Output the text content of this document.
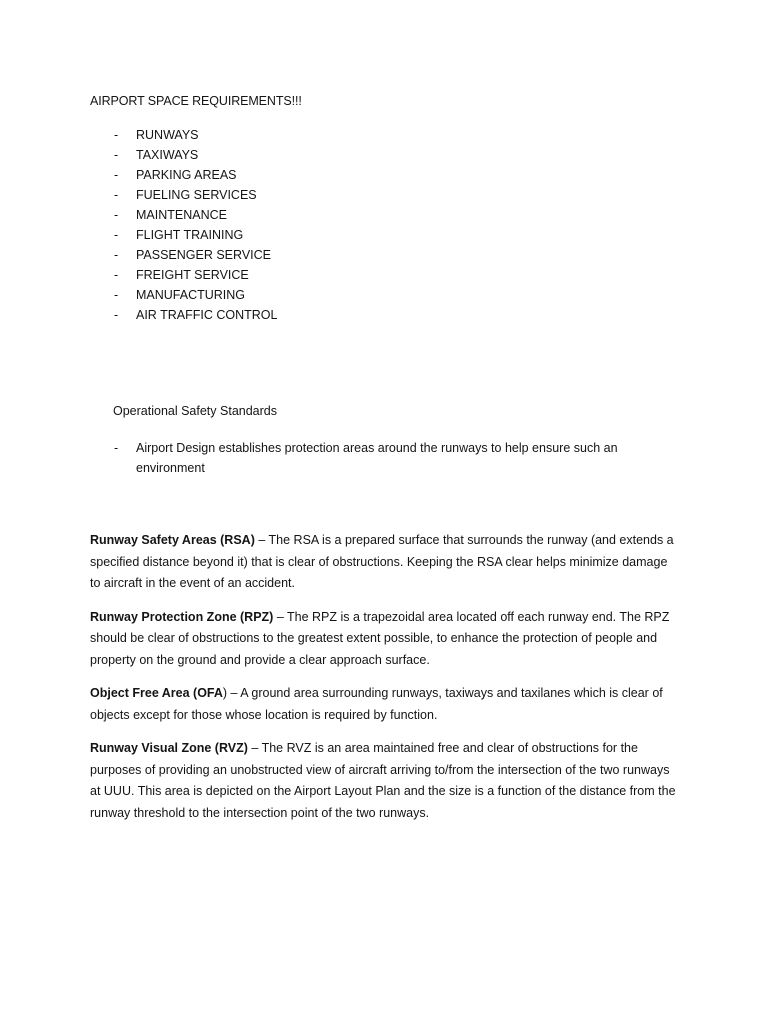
AIRPORT SPACE REQUIREMENTS!!!
- RUNWAYS
- TAXIWAYS
- PARKING AREAS
- FUELING SERVICES
- MAINTENANCE
- FLIGHT TRAINING
- PASSENGER SERVICE
- FREIGHT SERVICE
- MANUFACTURING
- AIR TRAFFIC CONTROL
Operational Safety Standards
- Airport Design establishes protection areas around the runways to help ensure such an environment

Runway Safety Areas (RSA) – The RSA is a prepared surface that surrounds the runway (and extends a specified distance beyond it) that is clear of obstructions. Keeping the RSA clear helps minimize damage to aircraft in the event of an accident.

Runway Protection Zone (RPZ) – The RPZ is a trapezoidal area located off each runway end. The RPZ should be clear of obstructions to the greatest extent possible, to enhance the protection of people and property on the ground and provide a clear approach surface.

Object Free Area (OFA) – A ground area surrounding runways, taxiways and taxilanes which is clear of objects except for those whose location is required by function.

Runway Visual Zone (RVZ) – The RVZ is an area maintained free and clear of obstructions for the purposes of providing an unobstructed view of aircraft arriving to/from the intersection of the two runways at UUU. This area is depicted on the Airport Layout Plan and the size is a function of the distance from the runway threshold to the intersection point of the two runways.
